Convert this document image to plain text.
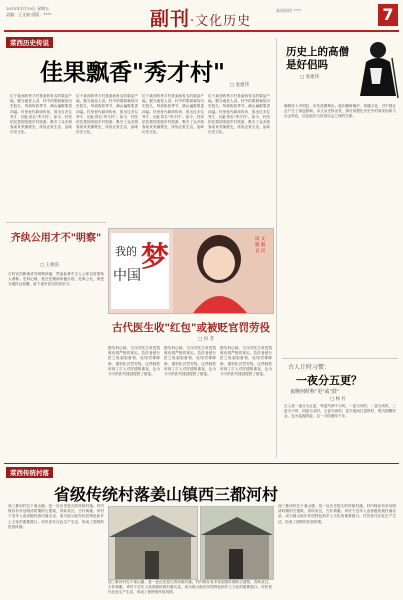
2015年1月19日 星期五
责编：王文娟 组版：****	副刊·文化历史
新闻热线 ****	7
菜西历史传说
佳果飘香"秀才村" □ 张建伟
位于莱西的秀才村是莱西有名的果品产地。据当地老人讲，村中的果树栽培历史悠久，每到收获季节，满山遍野果香四溢。村里世代耕读传家，曾出过多位秀才，因此得名"秀才村"。如今，村民依托果园发展乡村旅游，吸引了众多游客前来采摘观光，体验农家生活，品味历史文化。
位于莱西的秀才村是莱西有名的果品产地。据当地老人讲，村中的果树栽培历史悠久，每到收获季节，满山遍野果香四溢。村里世代耕读传家，曾出过多位秀才，因此得名"秀才村"。如今，村民依托果园发展乡村旅游，吸引了众多游客前来采摘观光，体验农家生活，品味历史文化。
位于莱西的秀才村是莱西有名的果品产地。据当地老人讲，村中的果树栽培历史悠久，每到收获季节，满山遍野果香四溢。村里世代耕读传家，曾出过多位秀才，因此得名"秀才村"。如今，村民依托果园发展乡村旅游，吸引了众多游客前来采摘观光，体验农家生活，品味历史文化。
位于莱西的秀才村是莱西有名的果品产地。据当地老人讲，村中的果树栽培历史悠久，每到收获季节，满山遍野果香四溢。村里世代耕读传家，曾出过多位秀才，因此得名"秀才村"。如今，村民依托果园发展乡村旅游，吸引了众多游客前来采摘观光，体验农家生活，品味历史文化。
历史上的高僧是好侣吗
□ 张建伟
佛教传入中国后，历代高僧辈出。他们精研佛法，传播文化，对中国社会产生了深远影响。本文从史料出发，探讨高僧在历史中的真实形象与社会角色，以及他们与世俗社会之间的关系。
齐纨公用才不"明察"
□ 王俊雷
古时官员断案讲究明察秋毫，然而此事中主人公却以宽厚待人著称。史料记载，他在任期间体恤百姓，处事公允，深受当地民众爱戴，留下诸多佳话传颂至今。
我的
中国
梦
读 文 献 解 丧 民
古代医生收"红包"或被贬官罚劳役
□ 何 非
据史料记载，古代对医生收受钱财有着严格的规定。若医者借行医之机索取财物，轻则罚俸降职，重则贬官罚劳役。这些制度体现了古人对医德的重视，也为今天的医风建设提供了借鉴。
据史料记载，古代对医生收受钱财有着严格的规定。若医者借行医之机索取财物，轻则罚俸降职，重则贬官罚劳役。这些制度体现了古人对医德的重视，也为今天的医风建设提供了借鉴。
据史料记载，古代对医生收受钱财有着严格的规定。若医者借行医之机索取财物，轻则罚俸降职，重则贬官罚劳役。这些制度体现了古人对医德的重视，也为今天的医风建设提供了借鉴。
古人计时习惯：
一夜分五更？
夜晚何时称"更"或"鼓"
□ 杨 红
古人将一夜分为五更，每更约两个小时。一更为戌时，二更为亥时，三更为子时，四更为丑时，五更为寅时。更夫夜间打更报时，既为提醒民众，也为巡夜防盗，这一习俗流传千年。
菜西传统村落
省级传统村落姜山镇西三都河村
西三都河村位于姜山镇，是一处历史悠久的传统村落。村内保存有多处明清时期的古建筑，青砖灰瓦，古朴典雅。该村于近年入选省级传统村落名录，成为展示胶东民居特色和乡土文化的重要窗口。村民世代在此生产生活，形成了独特的民俗风情。
西三都河村位于姜山镇，是一处历史悠久的传统村落。村内保存有多处明清时期的古建筑，青砖灰瓦，古朴典雅。该村于近年入选省级传统村落名录，成为展示胶东民居特色和乡土文化的重要窗口。村民世代在此生产生活，形成了独特的民俗风情。
西三都河村位于姜山镇，是一处历史悠久的传统村落。村内保存有多处明清时期的古建筑，青砖灰瓦，古朴典雅。该村于近年入选省级传统村落名录，成为展示胶东民居特色和乡土文化的重要窗口。村民世代在此生产生活，形成了独特的民俗风情。
